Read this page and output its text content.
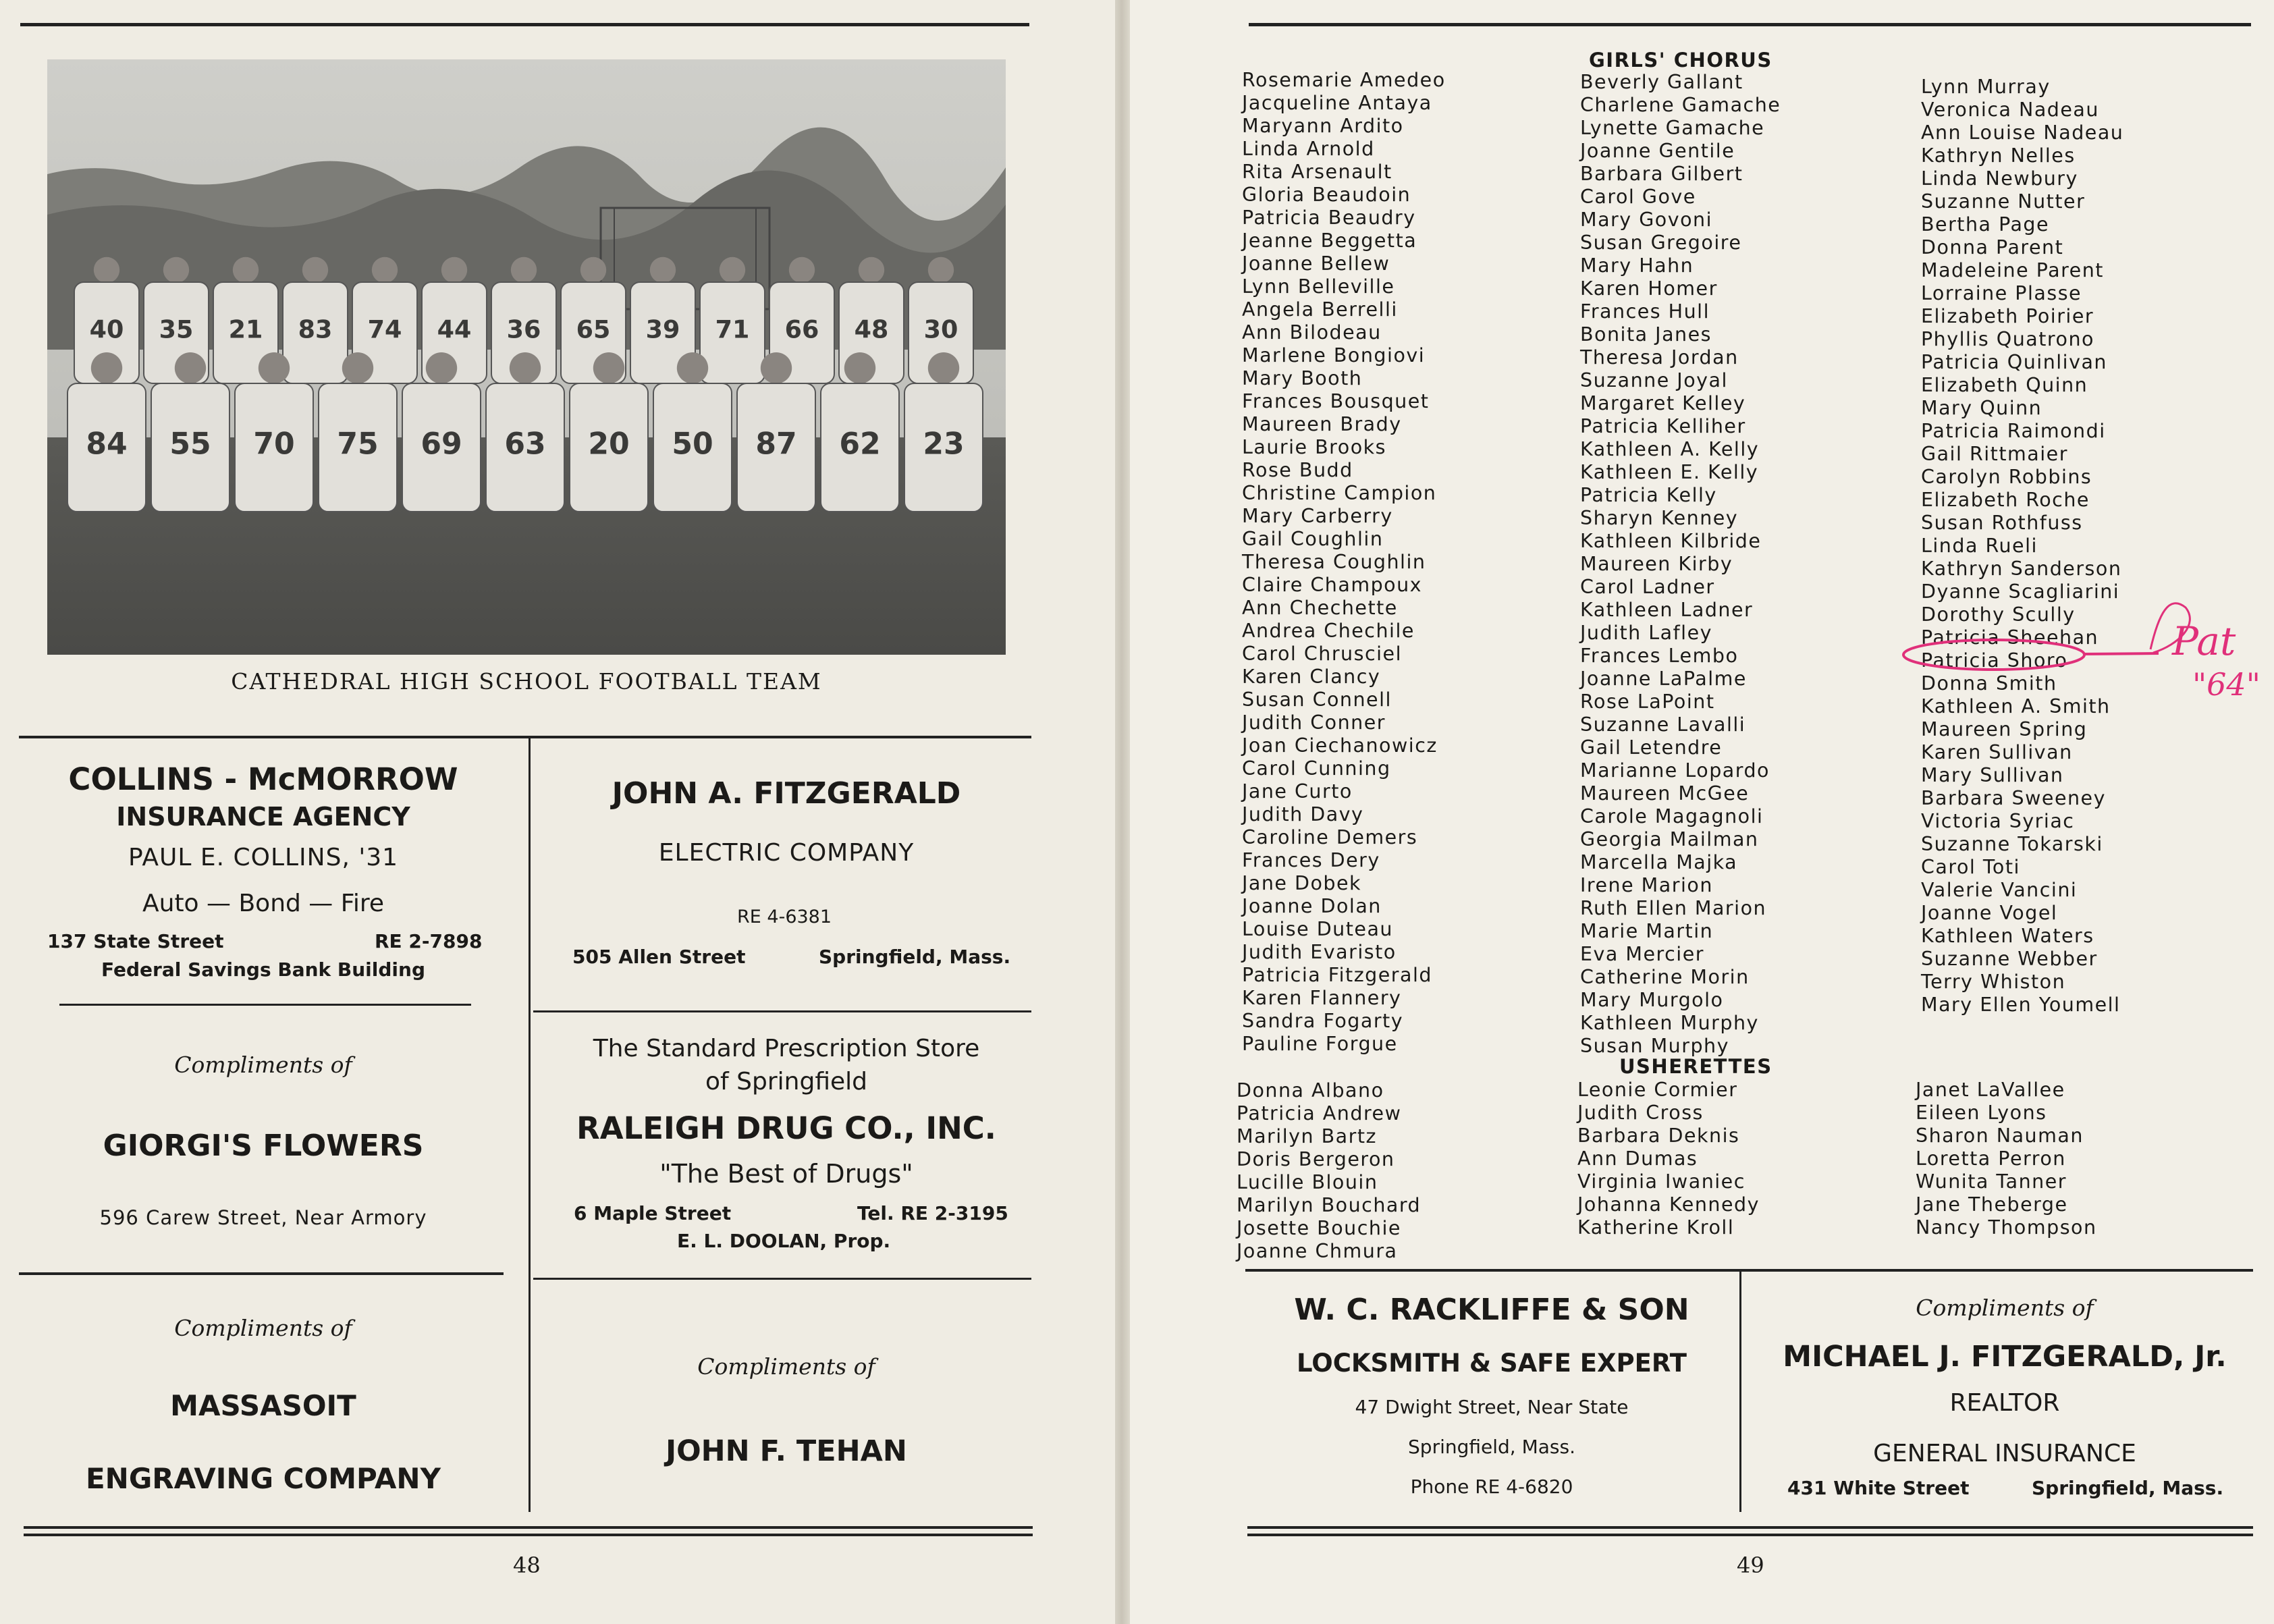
40 35 21 83 74 44 36 65 39 71 66 48 30
84 55 70 75 69 63 20 50 87 62 23
CATHEDRAL HIGH SCHOOL FOOTBALL TEAM
COLLINS - McMORROW
INSURANCE AGENCY
PAUL E. COLLINS, '31
Auto — Bond — Fire
137 State Street	RE 2-7898
Federal Savings Bank Building
Compliments of
GIORGI'S FLOWERS
596 Carew Street, Near Armory
Compliments of
MASSASOIT
ENGRAVING COMPANY
JOHN A. FITZGERALD
ELECTRIC COMPANY
RE 4-6381
505 Allen Street	Springfield, Mass.
The Standard Prescription Store
of Springfield
RALEIGH DRUG CO., INC.
"The Best of Drugs"
6 Maple Street	Tel. RE 2-3195
E. L. DOOLAN, Prop.
Compliments of
JOHN F. TEHAN
48
GIRLS' CHORUS
Rosemarie Amedeo
Jacqueline Antaya
Maryann Ardito
Linda Arnold
Rita Arsenault
Gloria Beaudoin
Patricia Beaudry
Jeanne Beggetta
Joanne Bellew
Lynn Belleville
Angela Berrelli
Ann Bilodeau
Marlene Bongiovi
Mary Booth
Frances Bousquet
Maureen Brady
Laurie Brooks
Rose Budd
Christine Campion
Mary Carberry
Gail Coughlin
Theresa Coughlin
Claire Champoux
Ann Chechette
Andrea Chechile
Carol Chrusciel
Karen Clancy
Susan Connell
Judith Conner
Joan Ciechanowicz
Carol Cunning
Jane Curto
Judith Davy
Caroline Demers
Frances Dery
Jane Dobek
Joanne Dolan
Louise Duteau
Judith Evaristo
Patricia Fitzgerald
Karen Flannery
Sandra Fogarty
Pauline Forgue
Beverly Gallant
Charlene Gamache
Lynette Gamache
Joanne Gentile
Barbara Gilbert
Carol Gove
Mary Govoni
Susan Gregoire
Mary Hahn
Karen Homer
Frances Hull
Bonita Janes
Theresa Jordan
Suzanne Joyal
Margaret Kelley
Patricia Kelliher
Kathleen A. Kelly
Kathleen E. Kelly
Patricia Kelly
Sharyn Kenney
Kathleen Kilbride
Maureen Kirby
Carol Ladner
Kathleen Ladner
Judith Lafley
Frances Lembo
Joanne LaPalme
Rose LaPoint
Suzanne Lavalli
Gail Letendre
Marianne Lopardo
Maureen McGee
Carole Magagnoli
Georgia Mailman
Marcella Majka
Irene Marion
Ruth Ellen Marion
Marie Martin
Eva Mercier
Catherine Morin
Mary Murgolo
Kathleen Murphy
Susan Murphy
Lynn Murray
Veronica Nadeau
Ann Louise Nadeau
Kathryn Nelles
Linda Newbury
Suzanne Nutter
Bertha Page
Donna Parent
Madeleine Parent
Lorraine Plasse
Elizabeth Poirier
Phyllis Quatrono
Patricia Quinlivan
Elizabeth Quinn
Mary Quinn
Patricia Raimondi
Gail Rittmaier
Carolyn Robbins
Elizabeth Roche
Susan Rothfuss
Linda Rueli
Kathryn Sanderson
Dyanne Scagliarini
Dorothy Scully
Patricia Sheehan
Patricia Shoro
Donna Smith
Kathleen A. Smith
Maureen Spring
Karen Sullivan
Mary Sullivan
Barbara Sweeney
Victoria Syriac
Suzanne Tokarski
Carol Toti
Valerie Vancini
Joanne Vogel
Kathleen Waters
Suzanne Webber
Terry Whiston
Mary Ellen Youmell
Pat
"64"
USHERETTES
Donna Albano
Patricia Andrew
Marilyn Bartz
Doris Bergeron
Lucille Blouin
Marilyn Bouchard
Josette Bouchie
Joanne Chmura
Leonie Cormier
Judith Cross
Barbara Deknis
Ann Dumas
Virginia Iwaniec
Johanna Kennedy
Katherine Kroll
Janet LaVallee
Eileen Lyons
Sharon Nauman
Loretta Perron
Wunita Tanner
Jane Theberge
Nancy Thompson
W. C. RACKLIFFE & SON
LOCKSMITH & SAFE EXPERT
47 Dwight Street, Near State
Springfield, Mass.
Phone RE 4-6820
Compliments of
MICHAEL J. FITZGERALD, Jr.
REALTOR
GENERAL INSURANCE
431 White Street	Springfield, Mass.
49
